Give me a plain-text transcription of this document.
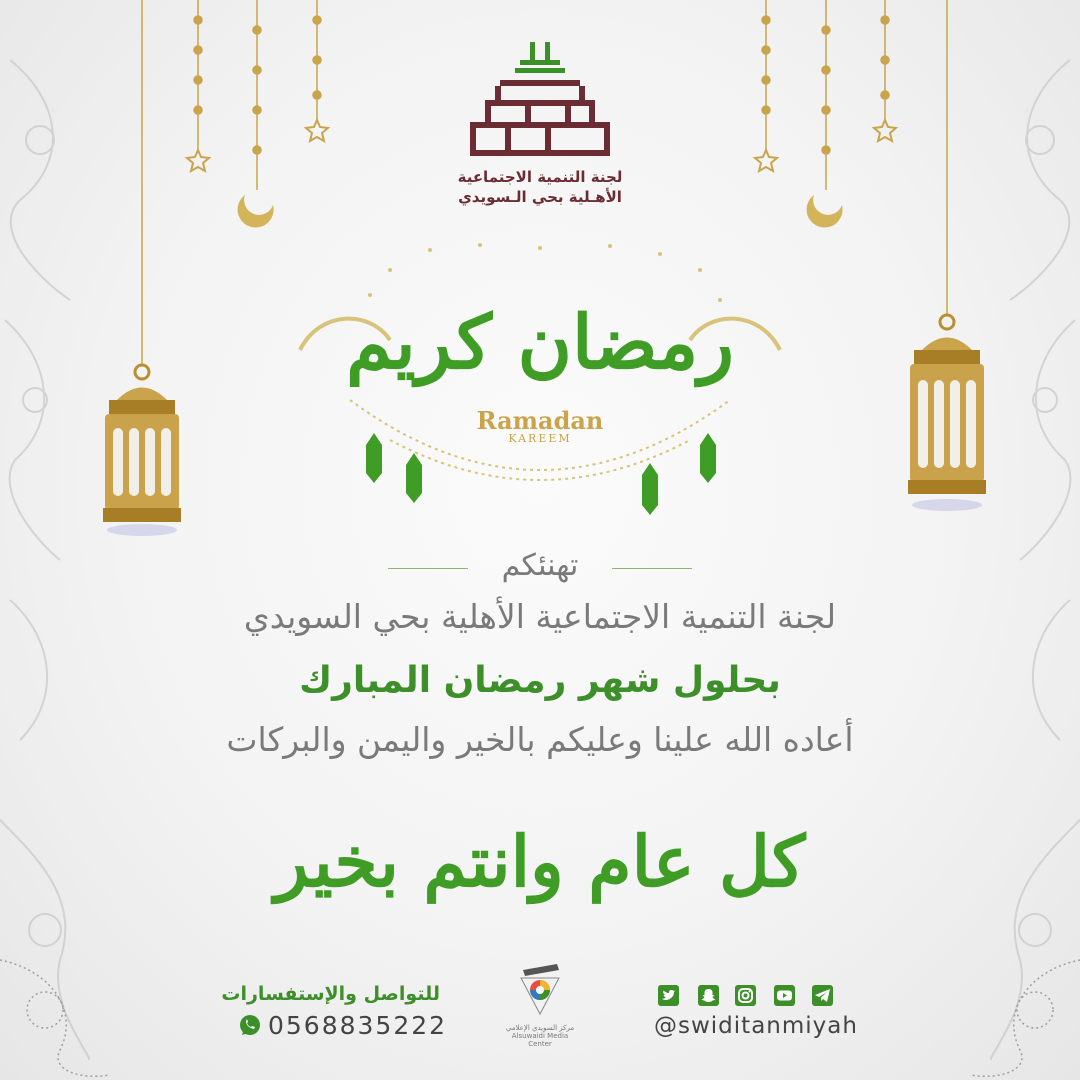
لجنة التنمية الاجتماعية
الأهـلية بحي الـسويدي
رمضان كريم
Ramadan
KAREEM
تهنئكم
لجنة التنمية الاجتماعية الأهلية بحي السويدي
بحلول شهر رمضان المبارك
أعاده الله علينا وعليكم بالخير واليمن والبركات
كل عام وانتم بخير
للتواصل والإستفسارات
0568835222	مركز السويدي الإعلامي
Alsuwaidi Media Center
@swiditanmiyah
